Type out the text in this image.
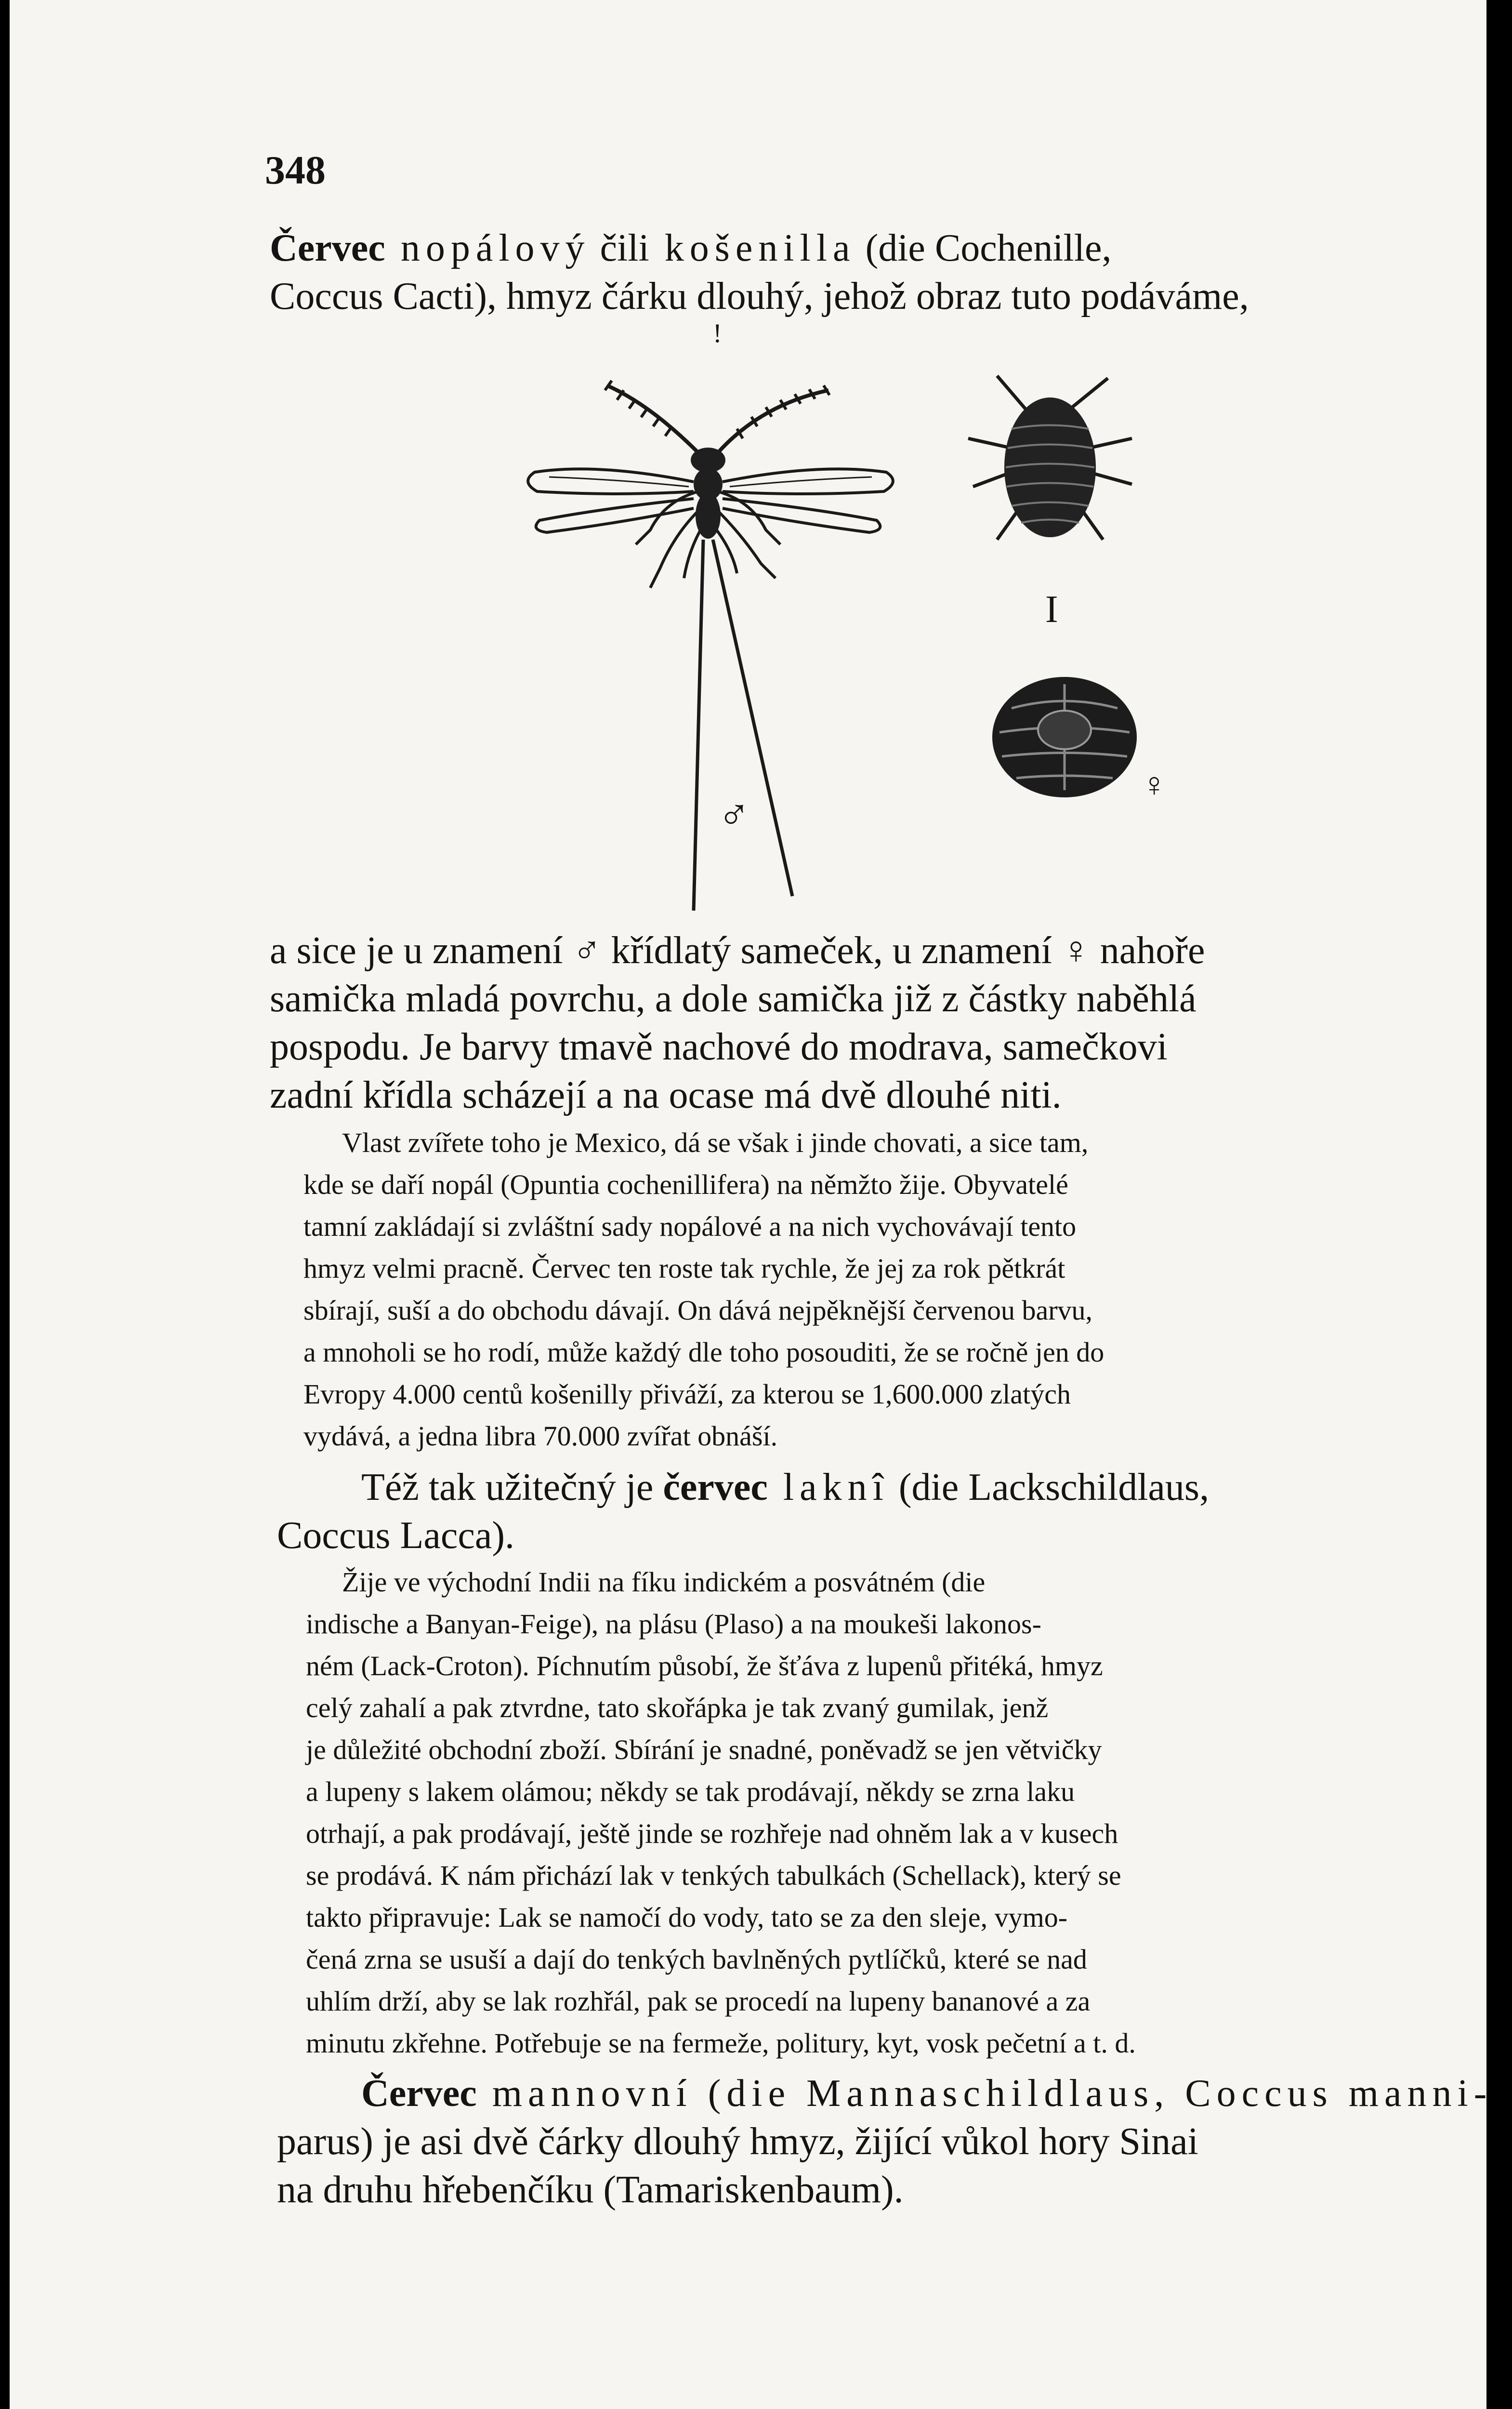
348
Červec nopálový čili košenilla (die Cochenille,
Coccus Cacti), hmyz čárku dlouhý, jehož obraz tuto podáváme,
!
I
♂
♀
a sice je u znamení ♂ křídlatý sameček, u znamení ♀ nahoře
samička mladá povrchu, a dole samička již z částky naběhlá
pospodu. Je barvy tmavě nachové do modrava, samečkovi
zadní křídla scházejí a na ocase má dvě dlouhé niti.
Vlast zvířete toho je Mexico, dá se však i jinde chovati, a sice tam,
kde se daří nopál (Opuntia cochenillifera) na němžto žije. Obyvatelé
tamní zakládají si zvláštní sady nopálové a na nich vychovávají tento
hmyz velmi pracně. Červec ten roste tak rychle, že jej za rok pětkrát
sbírají, suší a do obchodu dávají. On dává nejpěknější červenou barvu,
a mnoholi se ho rodí, může každý dle toho posouditi, že se ročně jen do
Evropy 4.000 centů košenilly přiváží, za kterou se 1,600.000 zlatých
vydává, a jedna libra 70.000 zvířat obnáší.
Též tak užitečný je červec laknî (die Lackschildlaus,
Coccus Lacca).
Žije ve východní Indii na fíku indickém a posvátném (die
indische a Banyan-Feige), na plásu (Plaso) a na moukeši lakonos-
ném (Lack-Croton). Píchnutím působí, že šťáva z lupenů přitéká, hmyz
celý zahalí a pak ztvrdne, tato skořápka je tak zvaný gumilak, jenž
je důležité obchodní zboží. Sbírání je snadné, poněvadž se jen větvičky
a lupeny s lakem olámou; někdy se tak prodávají, někdy se zrna laku
otrhají, a pak prodávají, ještě jinde se rozhřeje nad ohněm lak a v kusech
se prodává. K nám přichází lak v tenkých tabulkách (Schellack), který se
takto připravuje: Lak se namočí do vody, tato se za den sleje, vymo-
čená zrna se usuší a dají do tenkých bavlněných pytlíčků, které se nad
uhlím drží, aby se lak rozhřál, pak se procedí na lupeny bananové a za
minutu zkřehne. Potřebuje se na fermeže, politury, kyt, vosk pečetní a t. d.
Červec mannovní (die Mannaschildlaus, Coccus manni-
parus) je asi dvě čárky dlouhý hmyz, žijící vůkol hory Sinai
na druhu hřebenčíku (Tamariskenbaum).
